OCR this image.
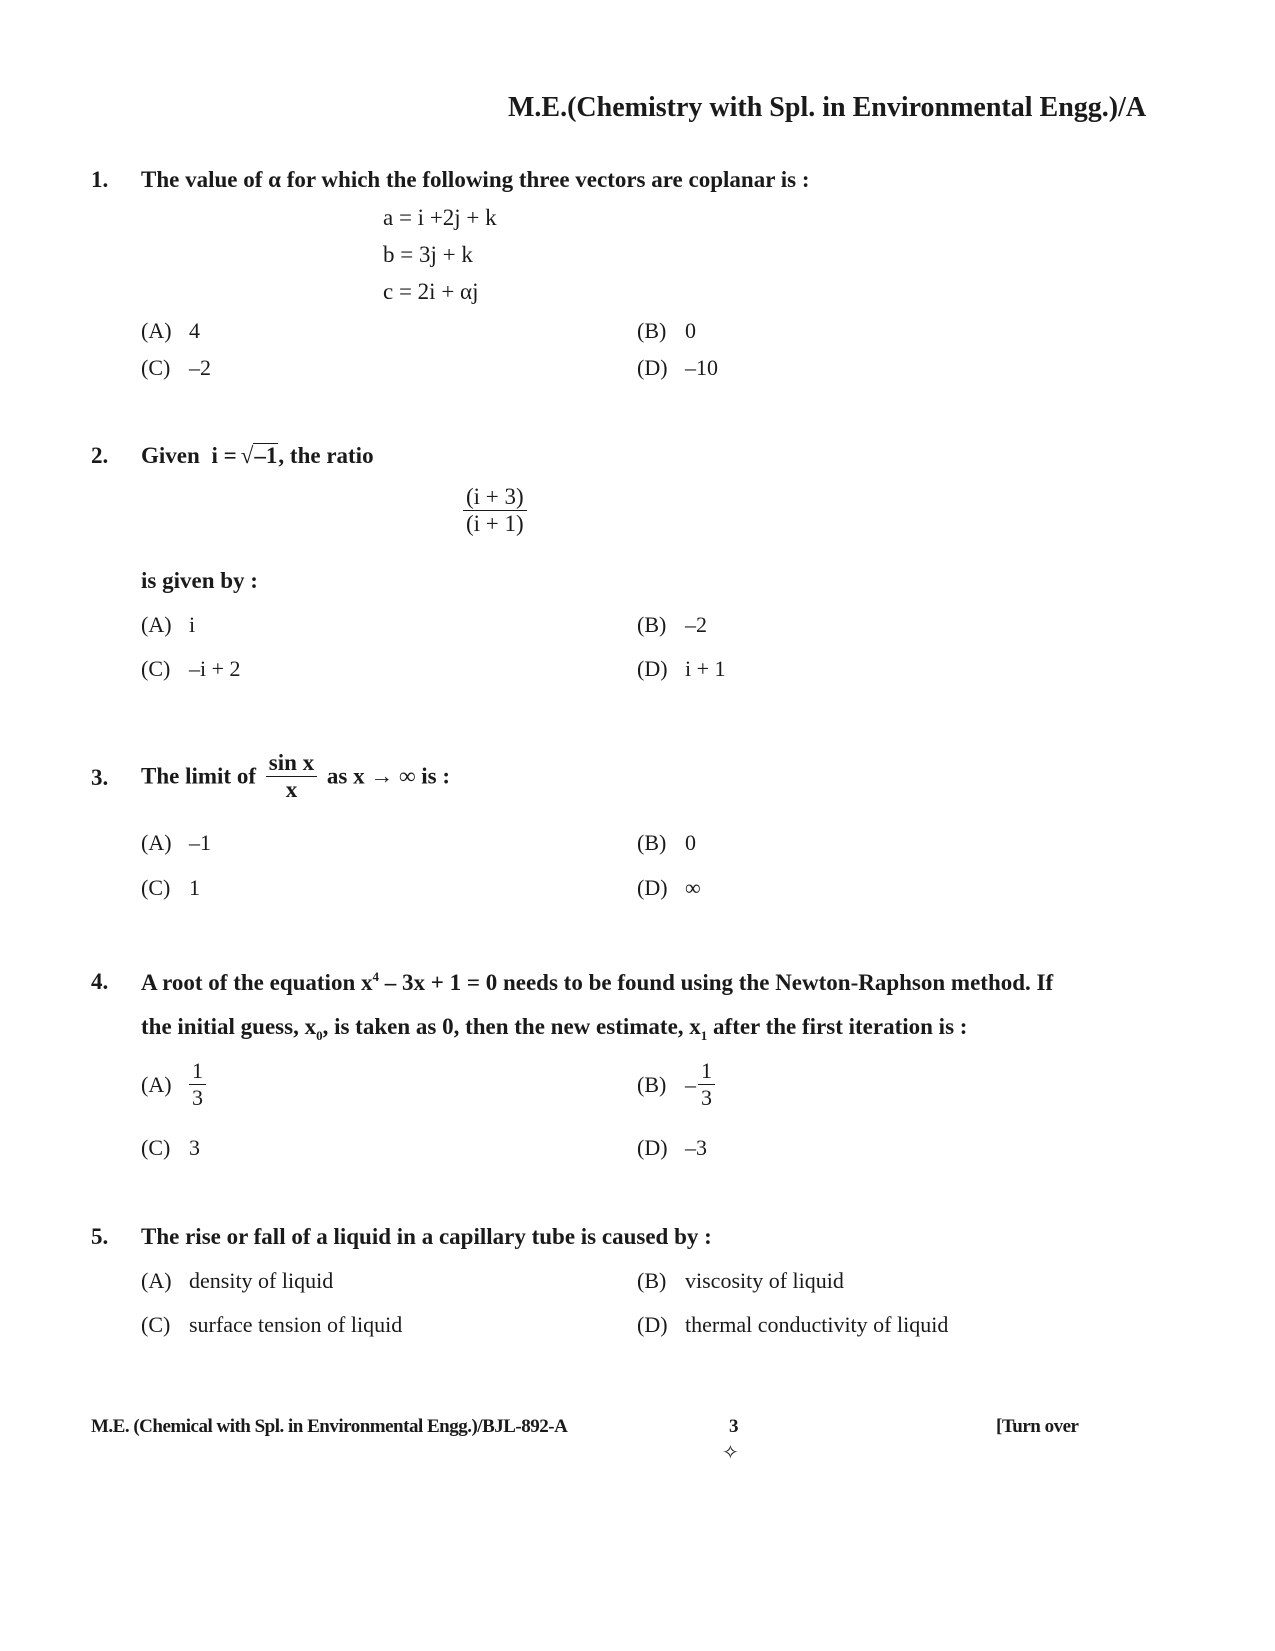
M.E.(Chemistry with Spl. in Environmental Engg.)/A
1. The value of α for which the following three vectors are coplanar is :
a = i +2j + k
b = 3j + k
c = 2i + αj
(A) 4	(B) 0
(C) –2	(D) –10
2. Given i = √–1, the ratio
$\frac{(i + 3)}{(i + 1)}$
is given by :
(A) i	(B) –2
(C) –i + 2	(D) i + 1
3. The limit of $\frac{\text{sin x}}{x}$ as x → ∞ is :
(A) –1	(B) 0
(C) 1	(D) ∞
4. A root of the equation $x^4 - 3x + 1 = 0$ needs to be found using the Newton-Raphson method. If
the initial guess, $x_0$, is taken as 0, then the new estimate, $x_1$ after the first iteration is :
$(A) \frac{1}{3}$	$(B) - \frac{1}{3}$
(C) 3	(D) –3
5. The rise or fall of a liquid in a capillary tube is caused by :
(A) density of liquid	(B) viscosity of liquid
(C) surface tension of liquid	(D) thermal conductivity of liquid
M.E. (Chemical with Spl. in Environmental Engg.)/BJL-892-A	3
✧
[Turn over
